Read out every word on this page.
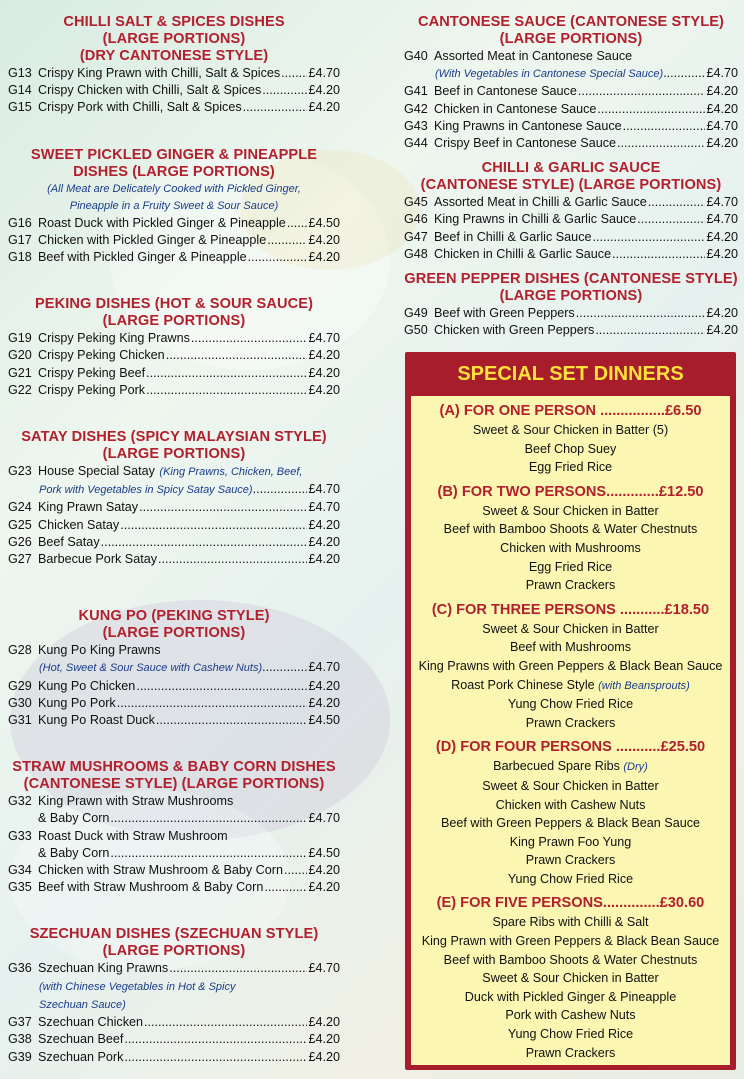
CHILLI SALT & SPICES DISHES
(LARGE PORTIONS)
(DRY CANTONESE STYLE)
G13 Crispy King Prawn with Chilli, Salt & Spices .....	£4.70
G14 Crispy Chicken with Chilli, Salt & Spices .....	£4.20
G15 Crispy Pork with Chilli, Salt & Spices .....	£4.20
SWEET PICKLED GINGER & PINEAPPLE
DISHES (LARGE PORTIONS)
(All Meat are Delicately Cooked with Pickled Ginger,
Pineapple in a Fruity Sweet & Sour Sauce)
G16 Roast Duck with Pickled Ginger & Pineapple .....	£4.50
G17 Chicken with Pickled Ginger & Pineapple .....	£4.20
G18 Beef with Pickled Ginger & Pineapple .....	£4.20
PEKING DISHES (HOT & SOUR SAUCE)
(LARGE PORTIONS)
G19 Crispy Peking King Prawns .....	£4.70
G20 Crispy Peking Chicken .....	£4.20
G21 Crispy Peking Beef .....	£4.20
G22 Crispy Peking Pork .....	£4.20
SATAY DISHES (SPICY MALAYSIAN STYLE)
(LARGE PORTIONS)
G23 House Special Satay (King Prawns, Chicken, Beef,
Pork with Vegetables in Spicy Satay Sauce) .....	£4.70
G24 King Prawn Satay .....	£4.70
G25 Chicken Satay .....	£4.20
G26 Beef Satay .....	£4.20
G27 Barbecue Pork Satay .....	£4.20
KUNG PO (PEKING STYLE)
(LARGE PORTIONS)
G28 Kung Po King Prawns
(Hot, Sweet & Sour Sauce with Cashew Nuts) .....	£4.70
G29 Kung Po Chicken .....	£4.20
G30 Kung Po Pork .....	£4.20
G31 Kung Po Roast Duck .....	£4.50
STRAW MUSHROOMS & BABY CORN DISHES
(CANTONESE STYLE) (LARGE PORTIONS)
G32 King Prawn with Straw Mushrooms
& Baby Corn .....	£4.70
G33 Roast Duck with Straw Mushroom
& Baby Corn .....	£4.50
G34 Chicken with Straw Mushroom & Baby Corn .....	£4.20
G35 Beef with Straw Mushroom & Baby Corn .....	£4.20
SZECHUAN DISHES (SZECHUAN STYLE)
(LARGE PORTIONS)
G36 Szechuan King Prawns .....	£4.70
(with Chinese Vegetables in Hot & Spicy
Szechuan Sauce)
G37 Szechuan Chicken .....	£4.20
G38 Szechuan Beef .....	£4.20
G39 Szechuan Pork .....	£4.20
CANTONESE SAUCE (CANTONESE STYLE)
(LARGE PORTIONS)
G40 Assorted Meat in Cantonese Sauce
(With Vegetables in Cantonese Special Sauce) .....	£4.70
G41 Beef in Cantonese Sauce .....	£4.20
G42 Chicken in Cantonese Sauce .....	£4.20
G43 King Prawns in Cantonese Sauce .....	£4.70
G44 Crispy Beef in Cantonese Sauce .....	£4.20
CHILLI & GARLIC SAUCE
(CANTONESE STYLE) (LARGE PORTIONS)
G45 Assorted Meat in Chilli & Garlic Sauce .....	£4.70
G46 King Prawns in Chilli & Garlic Sauce .....	£4.70
G47 Beef in Chilli & Garlic Sauce .....	£4.20
G48 Chicken in Chilli & Garlic Sauce .....	£4.20
GREEN PEPPER DISHES (CANTONESE STYLE)
(LARGE PORTIONS)
G49 Beef with Green Peppers .....	£4.20
G50 Chicken with Green Peppers .....	£4.20
SPECIAL SET DINNERS
(A) FOR ONE PERSON ................£6.50
Sweet & Sour Chicken in Batter (5)
Beef Chop Suey
Egg Fried Rice
(B) FOR TWO PERSONS.............£12.50
Sweet & Sour Chicken in Batter
Beef with Bamboo Shoots & Water Chestnuts
Chicken with Mushrooms
Egg Fried Rice
Prawn Crackers
(C) FOR THREE PERSONS ...........£18.50
Sweet & Sour Chicken in Batter
Beef with Mushrooms
King Prawns with Green Peppers & Black Bean Sauce
Roast Pork Chinese Style (with Beansprouts)
Yung Chow Fried Rice
Prawn Crackers
(D) FOR FOUR PERSONS ...........£25.50
Barbecued Spare Ribs (Dry)
Sweet & Sour Chicken in Batter
Chicken with Cashew Nuts
Beef with Green Peppers & Black Bean Sauce
King Prawn Foo Yung
Prawn Crackers
Yung Chow Fried Rice
(E) FOR FIVE PERSONS..............£30.60
Spare Ribs with Chilli & Salt
King Prawn with Green Peppers & Black Bean Sauce
Beef with Bamboo Shoots & Water Chestnuts
Sweet & Sour Chicken in Batter
Duck with Pickled Ginger & Pineapple
Pork with Cashew Nuts
Yung Chow Fried Rice
Prawn Crackers
